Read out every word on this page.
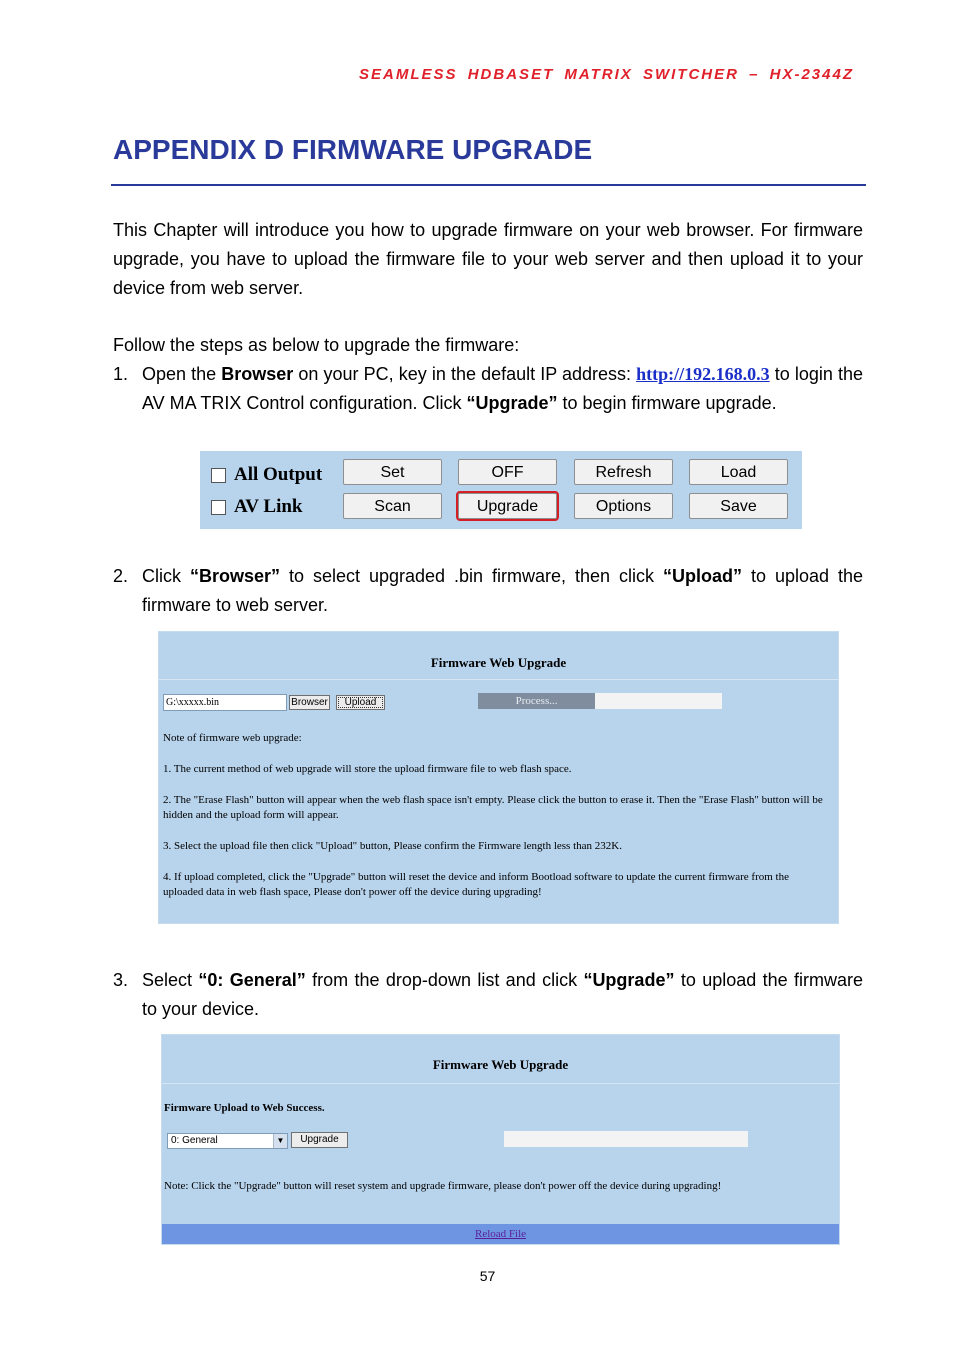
SEAMLESS HDBASET MATRIX SWITCHER – HX-2344Z
APPENDIX D FIRMWARE UPGRADE

This Chapter will introduce you how to upgrade firmware on your web browser. For firmware upgrade, you have to upload the firmware file to your web server and then upload it to your device from web server.

Follow the steps as below to upgrade the firmware:

1. Open the Browser on your PC, key in the default IP address: http://192.168.0.3 to login the AV MA TRIX Control configuration. Click “Upgrade” to begin firmware upgrade.
All Output
AV Link
Set	OFF	Refresh	Load
Scan	Upgrade	Options	Save
2. Click “Browser” to select upgraded .bin firmware, then click “Upload” to upload the firmware to web server.
Firmware Web Upgrade
G:\xxxxx.bin	Browser	Upload	Process...
Note of firmware web upgrade:
1. The current method of web upgrade will store the upload firmware file to web flash space.
2. The "Erase Flash" button will appear when the web flash space isn't empty. Please click the button to erase it. Then the "Erase Flash" button will be hidden and the upload form will appear.
3. Select the upload file then click "Upload" button, Please confirm the Firmware length less than 232K.
4. If upload completed, click the "Upgrade" button will reset the device and inform Bootload software to update the current firmware from the uploaded data in web flash space, Please don't power off the device during upgrading!
3. Select “0: General” from the drop-down list and click “Upgrade” to upload the firmware to your device.
Firmware Web Upgrade
Firmware Upload to Web Success.
0: General	▼	Upgrade
Note: Click the "Upgrade" button will reset system and upgrade firmware, please don't power off the device during upgrading!
Reload File
57
